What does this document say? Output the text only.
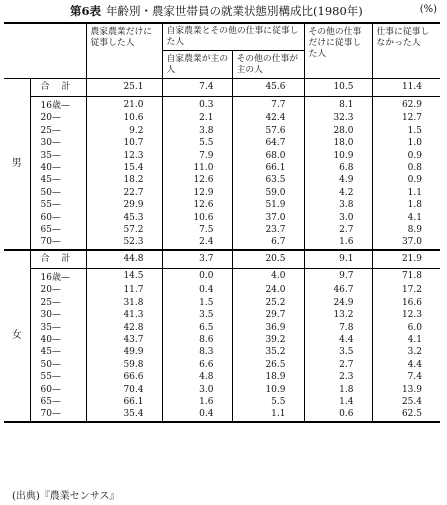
第6表 年齢別・農家世帯員の就業状態別構成比(1980年)	(%)

		農家農業だけに従事した人	自家農業とその他の仕事に従事した人		その他の仕事だけに従事した人	仕事に従事しなかった人

			自家農業が主の人	その他の仕事が主の人		

男	合計	25.1	7.4	45.6	10.5	11.4
	16歳—	21.0	0.3	7.7	8.1	62.9
	20—	10.6	2.1	42.4	32.3	12.7
	25—	9.2	3.8	57.6	28.0	1.5
	30—	10.7	5.5	64.7	18.0	1.0
	35—	12.3	7.9	68.0	10.9	0.9
	40—	15.4	11.0	66.1	6.8	0.8
	45—	18.2	12.6	63.5	4.9	0.9
	50—	22.7	12.9	59.0	4.2	1.1
	55—	29.9	12.6	51.9	3.8	1.8
	60—	45.3	10.6	37.0	3.0	4.1
	65—	57.2	7.5	23.7	2.7	8.9
	70—	52.3	2.4	6.7	1.6	37.0
女	合計	44.8	3.7	20.5	9.1	21.9
	16歳—	14.5	0.0	4.0	9.7	71.8
	20—	11.7	0.4	24.0	46.7	17.2
	25—	31.8	1.5	25.2	24.9	16.6
	30—	41.3	3.5	29.7	13.2	12.3
	35—	42.8	6.5	36.9	7.8	6.0
	40—	43.7	8.6	39.2	4.4	4.1
	45—	49.9	8.3	35.2	3.5	3.2
	50—	59.8	6.6	26.5	2.7	4.4
	55—	66.6	4.8	18.9	2.3	7.4
	60—	70.4	3.0	10.9	1.8	13.9
	65—	66.1	1.6	5.5	1.4	25.4
	70—	35.4	0.4	1.1	0.6	62.5
(出典)『農業センサス』
